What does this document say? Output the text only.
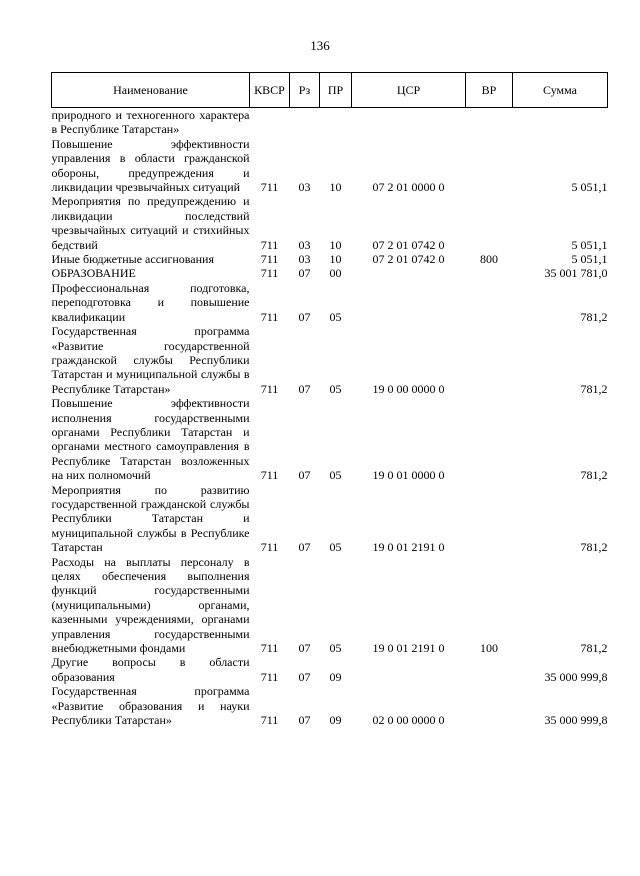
136
Наименование	КВСР	Рз	ПР	ЦСР	ВР	Сумма
природного и техногенного характера в Республике Татарстан»						
Повышение эффективности управления в области гражданской обороны, предупреждения и ликвидации чрезвычайных ситуаций	711	03	10	07 2 01 0000 0		5 051,1
Мероприятия по предупреждению и ликвидации последствий чрезвычайных ситуаций и стихийных бедствий	711	03	10	07 2 01 0742 0		5 051,1
Иные бюджетные ассигнования	711	03	10	07 2 01 0742 0	800	5 051,1
ОБРАЗОВАНИЕ	711	07	00			35 001 781,0
Профессиональная подготовка, переподготовка и повышение квалификации	711	07	05			781,2
Государственная программа «Развитие государственной гражданской службы Республики Татарстан и муниципальной службы в Республике Татарстан»	711	07	05	19 0 00 0000 0		781,2
Повышение эффективности исполнения государственными органами Республики Татарстан и органами местного самоуправления в Республике Татарстан возложенных на них полномочий	711	07	05	19 0 01 0000 0		781,2
Мероприятия по развитию государственной гражданской службы Республики Татарстан и муниципальной службы в Республике Татарстан	711	07	05	19 0 01 2191 0		781,2
Расходы на выплаты персоналу в целях обеспечения выполнения функций государственными (муниципальными) органами, казенными учреждениями, органами управления государственными внебюджетными фондами	711	07	05	19 0 01 2191 0	100	781,2
Другие вопросы в области образования	711	07	09			35 000 999,8
Государственная программа «Развитие образования и науки Республики Татарстан»	711	07	09	02 0 00 0000 0		35 000 999,8
